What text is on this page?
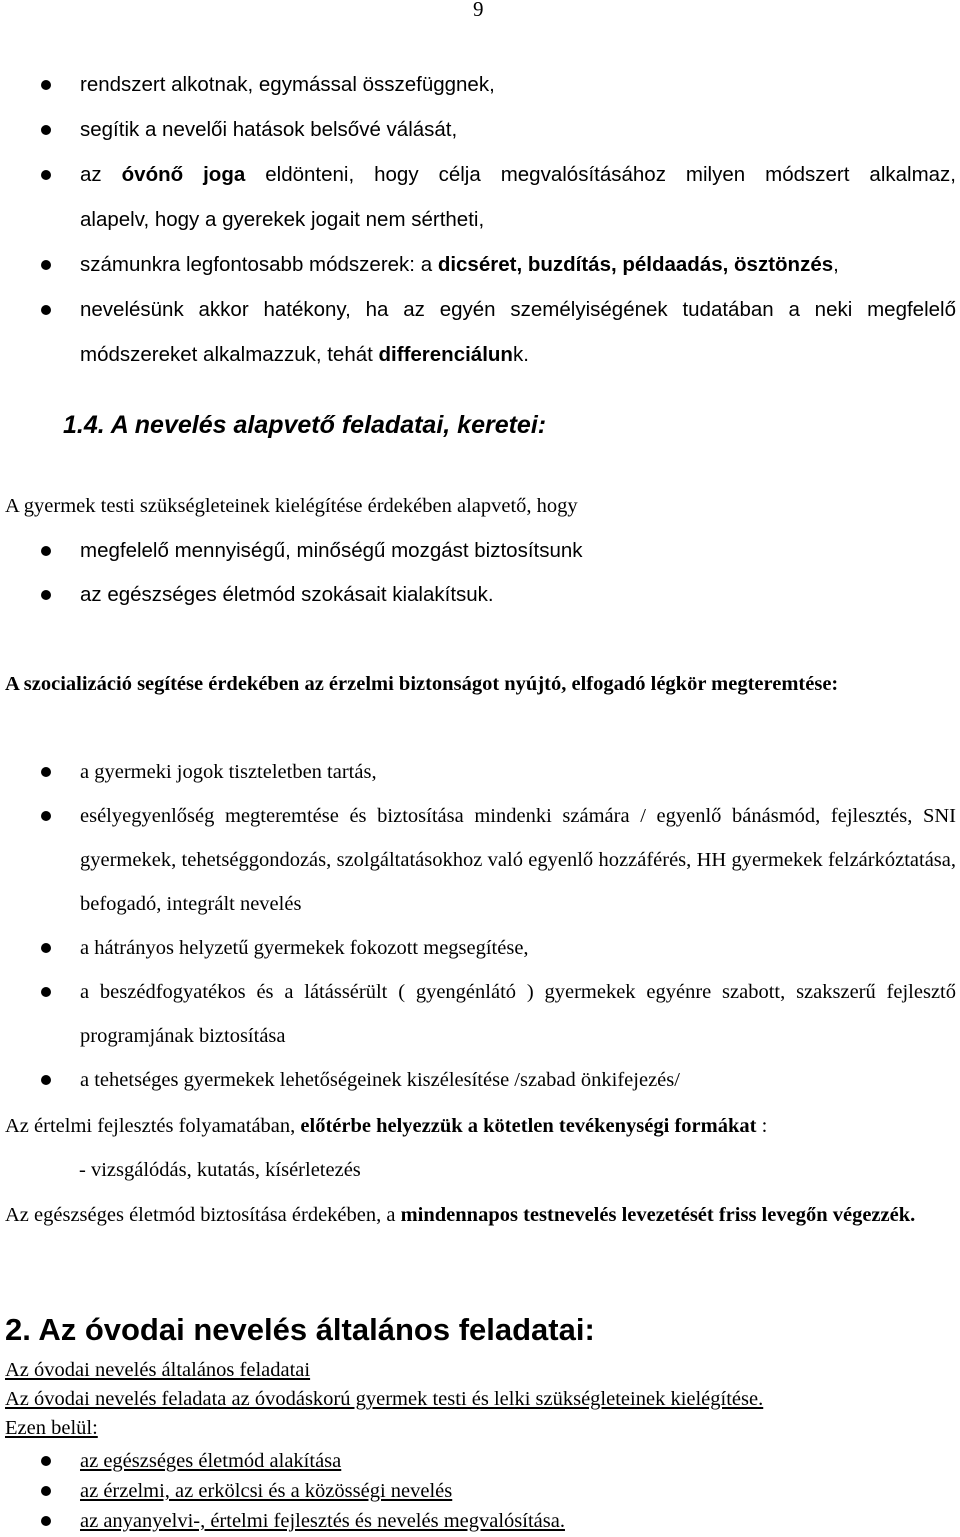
9
rendszert alkotnak, egymással összefüggnek,
segítik a nevelői hatások belsővé válását,
az óvónő joga eldönteni, hogy célja megvalósításához milyen módszert alkalmaz,
alapelv, hogy a gyerekek jogait nem sértheti,
számunkra legfontosabb módszerek: a dicséret, buzdítás, példaadás, ösztönzés,
nevelésünk akkor hatékony, ha az egyén személyiségének tudatában a neki megfelelő módszereket alkalmazzuk, tehát differenciálunk.
1.4. A nevelés alapvető feladatai, keretei:
A gyermek testi szükségleteinek kielégítése érdekében alapvető, hogy
megfelelő mennyiségű, minőségű mozgást biztosítsunk
az egészséges életmód szokásait kialakítsuk.
A szocializáció segítése érdekében az érzelmi biztonságot nyújtó, elfogadó légkör megteremtése:
a gyermeki jogok tiszteletben tartás,
esélyegyenlőség megteremtése és biztosítása mindenki számára / egyenlő bánásmód, fejlesztés, SNI gyermekek, tehetséggondozás, szolgáltatásokhoz való egyenlő hozzáférés, HH gyermekek felzárkóztatása, befogadó, integrált nevelés
a hátrányos helyzetű gyermekek fokozott megsegítése,
a beszédfogyatékos és a látássérült ( gyengénlátó ) gyermekek egyénre szabott, szakszerű fejlesztő programjának biztosítása
a tehetséges gyermekek lehetőségeinek kiszélesítése /szabad önkifejezés/
Az értelmi fejlesztés folyamatában, előtérbe helyezzük a kötetlen tevékenységi formákat :
- vizsgálódás, kutatás, kísérletezés
Az egészséges életmód biztosítása érdekében, a mindennapos testnevelés levezetését friss levegőn végezzék.
2. Az óvodai nevelés általános feladatai:
Az óvodai nevelés általános feladatai
Az óvodai nevelés feladata az óvodáskorú gyermek testi és lelki szükségleteinek kielégítése.
Ezen belül:
az egészséges életmód alakítása
az érzelmi, az erkölcsi és a közösségi nevelés
az anyanyelvi-, értelmi fejlesztés és nevelés megvalósítása.
